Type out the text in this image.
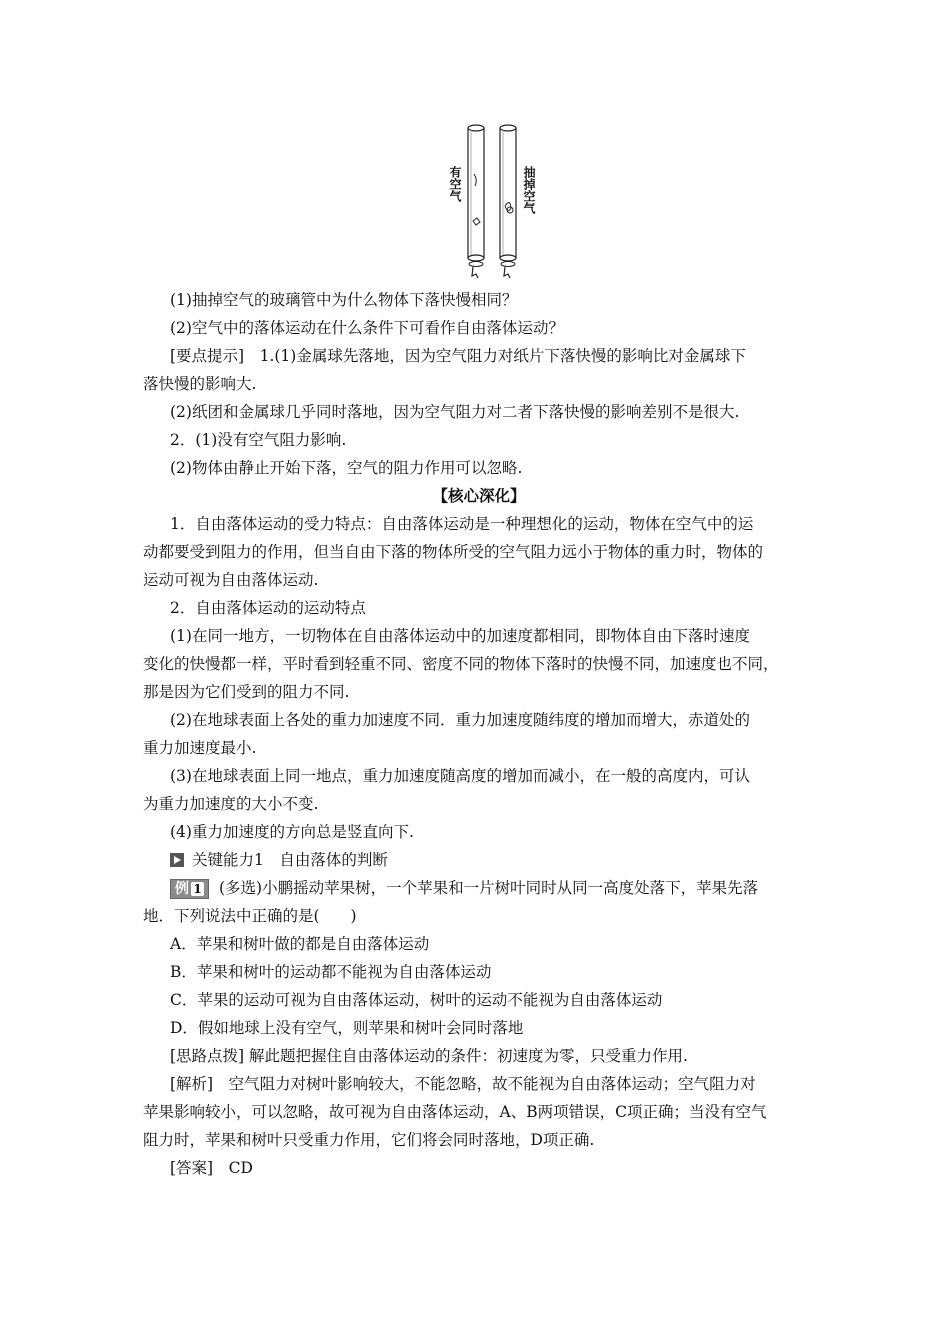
有空气	抽掉空气
(1)抽掉空气的玻璃管中为什么物体下落快慢相同？
(2)空气中的落体运动在什么条件下可看作自由落体运动？
[要点提示]　1.(1)金属球先落地，因为空气阻力对纸片下落快慢的影响比对金属球下
落快慢的影响大.
(2)纸团和金属球几乎同时落地，因为空气阻力对二者下落快慢的影响差别不是很大.
2．(1)没有空气阻力影响.
(2)物体由静止开始下落，空气的阻力作用可以忽略.
【核心深化】
1．自由落体运动的受力特点：自由落体运动是一种理想化的运动，物体在空气中的运
动都要受到阻力的作用，但当自由下落的物体所受的空气阻力远小于物体的重力时，物体的
运动可视为自由落体运动.
2．自由落体运动的运动特点
(1)在同一地方，一切物体在自由落体运动中的加速度都相同，即物体自由下落时速度
变化的快慢都一样，平时看到轻重不同、密度不同的物体下落时的快慢不同，加速度也不同，
那是因为它们受到的阻力不同.
(2)在地球表面上各处的重力加速度不同．重力加速度随纬度的增加而增大，赤道处的
重力加速度最小.
(3)在地球表面上同一地点，重力加速度随高度的增加而减小，在一般的高度内，可认
为重力加速度的大小不变.
(4)重力加速度的方向总是竖直向下.
关键能力1　自由落体的判断
例 1 (多选)小鹏摇动苹果树，一个苹果和一片树叶同时从同一高度处落下，苹果先落
地．下列说法中正确的是(　　)
A．苹果和树叶做的都是自由落体运动
B．苹果和树叶的运动都不能视为自由落体运动
C．苹果的运动可视为自由落体运动，树叶的运动不能视为自由落体运动
D．假如地球上没有空气，则苹果和树叶会同时落地
[思路点拨] 解此题把握住自由落体运动的条件：初速度为零，只受重力作用.
[解析]　空气阻力对树叶影响较大，不能忽略，故不能视为自由落体运动；空气阻力对
苹果影响较小，可以忽略，故可视为自由落体运动，A、B两项错误，C项正确；当没有空气
阻力时，苹果和树叶只受重力作用，它们将会同时落地，D项正确.
[答案]　CD
